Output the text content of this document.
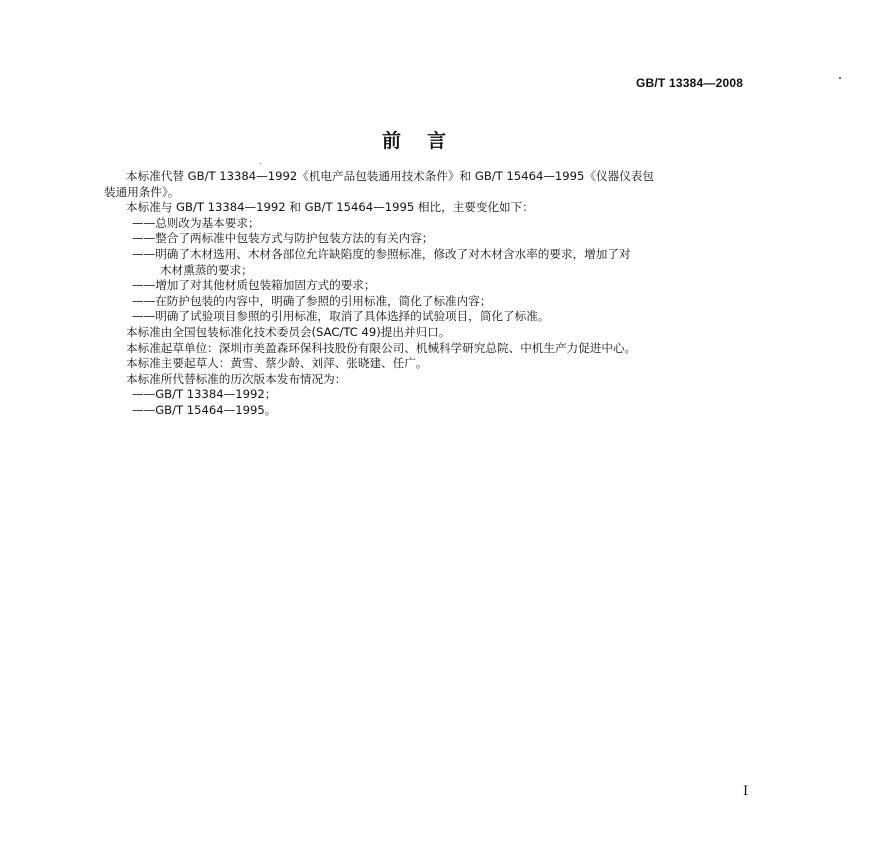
GB/T 13384—2008
前言
本标准代替 GB/T 13384—1992《机电产品包装通用技术条件》和 GB/T 15464—1995《仪器仪表包
装通用条件》。
本标准与 GB/T 13384—1992 和 GB/T 15464—1995 相比，主要变化如下：
——总则改为基本要求；
——整合了两标准中包装方式与防护包装方法的有关内容；
——明确了木材选用、木材各部位允许缺陷度的参照标准，修改了对木材含水率的要求，增加了对
木材熏蒸的要求；
——增加了对其他材质包装箱加固方式的要求；
——在防护包装的内容中，明确了参照的引用标准，简化了标准内容；
——明确了试验项目参照的引用标准，取消了具体选择的试验项目，简化了标准。
本标准由全国包装标准化技术委员会(SAC/TC 49)提出并归口。
本标准起草单位：深圳市美盈森环保科技股份有限公司、机械科学研究总院、中机生产力促进中心。
本标准主要起草人：黄雪、蔡少龄、刘萍、张晓建、任广。
本标准所代替标准的历次版本发布情况为：
——GB/T 13384—1992；
——GB/T 15464—1995。
I
